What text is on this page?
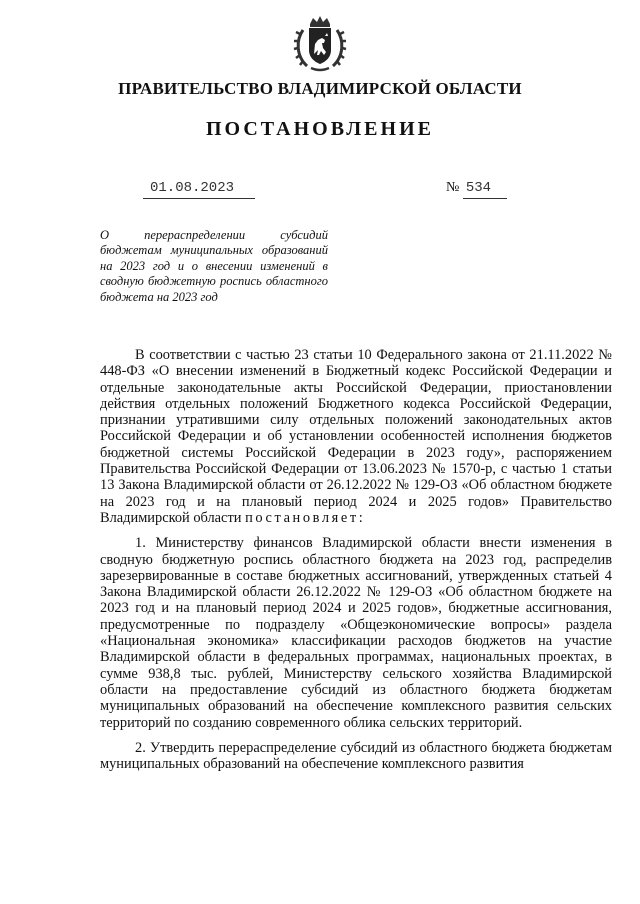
ПРАВИТЕЛЬСТВО ВЛАДИМИРСКОЙ ОБЛАСТИ
ПОСТАНОВЛЕНИЕ
01.08.2023	№ 534

О перераспределении субсидий бюджетам муниципальных образований на 2023 год и о внесении изменений в сводную бюджетную роспись областного бюджета на 2023 год

В соответствии с частью 23 статьи 10 Федерального закона от 21.11.2022 № 448-ФЗ «О внесении изменений в Бюджетный кодекс Российской Федерации и отдельные законодательные акты Российской Федерации, приостановлении действия отдельных положений Бюджетного кодекса Российской Федерации, признании утратившими силу отдельных положений законодательных актов Российской Федерации и об установлении особенностей исполнения бюджетов бюджетной системы Российской Федерации в 2023 году», распоряжением Правительства Российской Федерации от 13.06.2023 № 1570-р, с частью 1 статьи 13 Закона Владимирской области от 26.12.2022 № 129-ОЗ «Об областном бюджете на 2023 год и на плановый период 2024 и 2025 годов» Правительство Владимирской области постановляет:

1. Министерству финансов Владимирской области внести изменения в сводную бюджетную роспись областного бюджета на 2023 год, распределив зарезервированные в составе бюджетных ассигнований, утвержденных статьей 4 Закона Владимирской области 26.12.2022 № 129-ОЗ «Об областном бюджете на 2023 год и на плановый период 2024 и 2025 годов», бюджетные ассигнования, предусмотренные по подразделу «Общеэкономические вопросы» раздела «Национальная экономика» классификации расходов бюджетов на участие Владимирской области в федеральных программах, национальных проектах, в сумме 938,8 тыс. рублей, Министерству сельского хозяйства Владимирской области на предоставление субсидий из областного бюджета бюджетам муниципальных образований на обеспечение комплексного развития сельских территорий по созданию современного облика сельских территорий.

2. Утвердить перераспределение субсидий из областного бюджета бюджетам муниципальных образований на обеспечение комплексного развития
